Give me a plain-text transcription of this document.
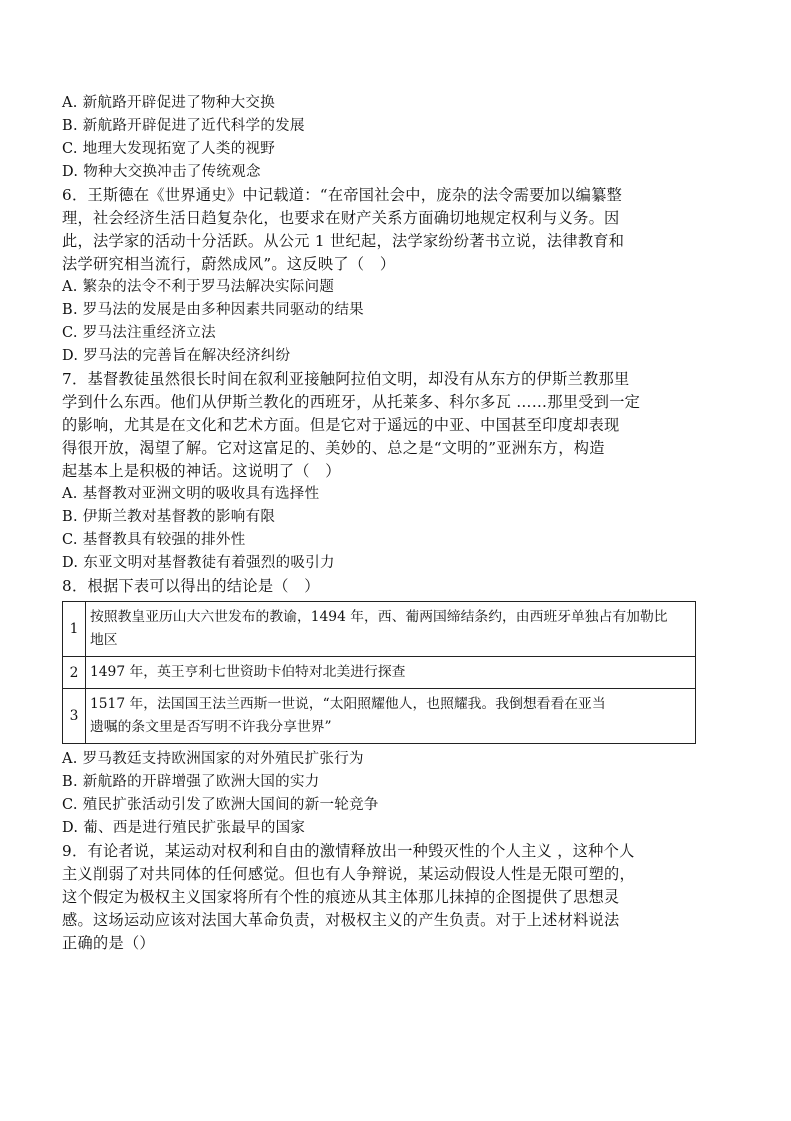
A. 新航路开辟促进了物种大交换
B. 新航路开辟促进了近代科学的发展
C. 地理大发现拓宽了人类的视野
D. 物种大交换冲击了传统观念
6．王斯德在《世界通史》中记载道：“在帝国社会中，庞杂的法令需要加以编纂整
理，社会经济生活日趋复杂化，也要求在财产关系方面确切地规定权利与义务。因
此，法学家的活动十分活跃。从公元 1 世纪起，法学家纷纷著书立说，法律教育和
法学研究相当流行，蔚然成风”。这反映了（　）
A. 繁杂的法令不利于罗马法解决实际问题
B. 罗马法的发展是由多种因素共同驱动的结果
C. 罗马法注重经济立法
D. 罗马法的完善旨在解决经济纠纷
7．基督教徒虽然很长时间在叙利亚接触阿拉伯文明，却没有从东方的伊斯兰教那里
学到什么东西。他们从伊斯兰教化的西班牙，从托莱多、科尔多瓦 ……那里受到一定
的影响，尤其是在文化和艺术方面。但是它对于遥远的中亚、中国甚至印度却表现
得很开放，渴望了解。它对这富足的、美妙的、总之是“文明的”亚洲东方，构造
起基本上是积极的神话。这说明了（　）
A. 基督教对亚洲文明的吸收具有选择性
B. 伊斯兰教对基督教的影响有限
C. 基督教具有较强的排外性
D. 东亚文明对基督教徒有着强烈的吸引力
8．根据下表可以得出的结论是（　）
1	按照教皇亚历山大六世发布的教谕，1494 年，西、葡两国缔结条约，由西班牙单独占有加勒比
地区

2	1497 年，英王亨利七世资助卡伯特对北美进行探查

3	1517 年，法国国王法兰西斯一世说，“太阳照耀他人，也照耀我。我倒想看看在亚当
遗嘱的条文里是否写明不许我分享世界”
A. 罗马教廷支持欧洲国家的对外殖民扩张行为
B. 新航路的开辟增强了欧洲大国的实力
C. 殖民扩张活动引发了欧洲大国间的新一轮竞争
D. 葡、西是进行殖民扩张最早的国家
9．有论者说，某运动对权利和自由的激情释放出一种毁灭性的个人主义 ，这种个人
主义削弱了对共同体的任何感觉。但也有人争辩说，某运动假设人性是无限可塑的，
这个假定为极权主义国家将所有个性的痕迹从其主体那儿抹掉的企图提供了思想灵
感。这场运动应该对法国大革命负责，对极权主义的产生负责。对于上述材料说法
正确的是（）
